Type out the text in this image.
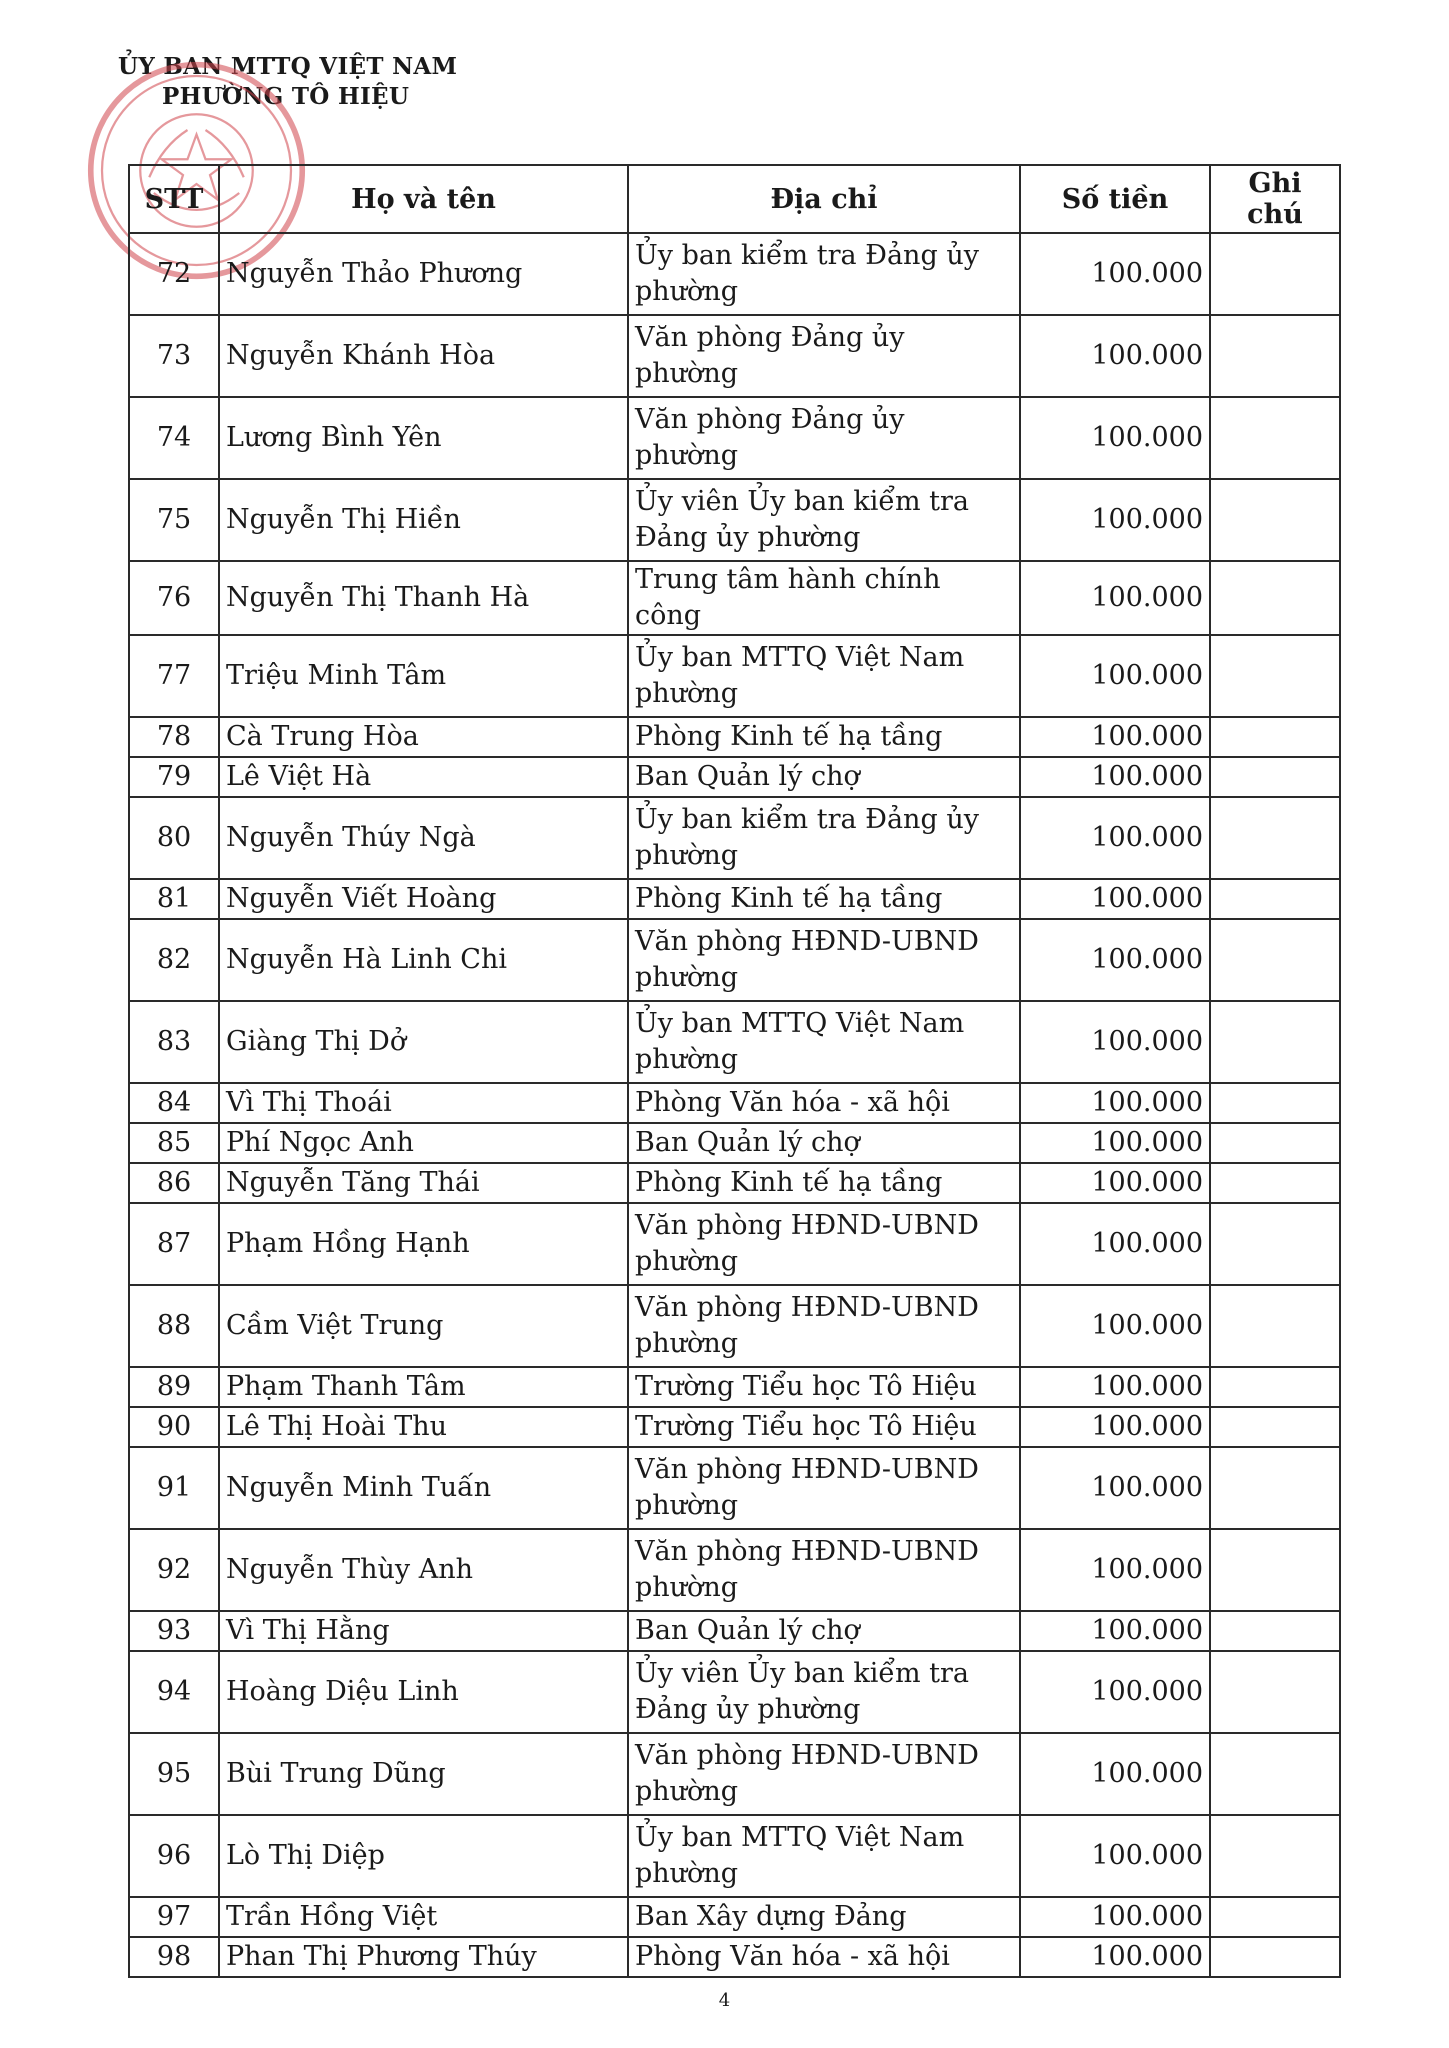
ỦY BAN MTTQ VIỆT NAM
PHƯỜNG TÔ HIỆU
STT	Họ và tên	Địa chỉ	Số tiền	Ghi chú
72	Nguyễn Thảo Phương	Ủy ban kiểm tra Đảng ủy phường	100.000	
73	Nguyễn Khánh Hòa	Văn phòng Đảng ủy phường	100.000	
74	Lương Bình Yên	Văn phòng Đảng ủy phường	100.000	
75	Nguyễn Thị Hiền	Ủy viên Ủy ban kiểm tra Đảng ủy phường	100.000	
76	Nguyễn Thị Thanh Hà	Trung tâm hành chính công	100.000	
77	Triệu Minh Tâm	Ủy ban MTTQ Việt Nam phường	100.000	
78	Cà Trung Hòa	Phòng Kinh tế hạ tầng	100.000	
79	Lê Việt Hà	Ban Quản lý chợ	100.000	
80	Nguyễn Thúy Ngà	Ủy ban kiểm tra Đảng ủy phường	100.000	
81	Nguyễn Viết Hoàng	Phòng Kinh tế hạ tầng	100.000	
82	Nguyễn Hà Linh Chi	Văn phòng HĐND-UBND phường	100.000	
83	Giàng Thị Dở	Ủy ban MTTQ Việt Nam phường	100.000	
84	Vì Thị Thoái	Phòng Văn hóa - xã hội	100.000	
85	Phí Ngọc Anh	Ban Quản lý chợ	100.000	
86	Nguyễn Tăng Thái	Phòng Kinh tế hạ tầng	100.000	
87	Phạm Hồng Hạnh	Văn phòng HĐND-UBND phường	100.000	
88	Cầm Việt Trung	Văn phòng HĐND-UBND phường	100.000	
89	Phạm Thanh Tâm	Trường Tiểu học Tô Hiệu	100.000	
90	Lê Thị Hoài Thu	Trường Tiểu học Tô Hiệu	100.000	
91	Nguyễn Minh Tuấn	Văn phòng HĐND-UBND phường	100.000	
92	Nguyễn Thùy Anh	Văn phòng HĐND-UBND phường	100.000	
93	Vì Thị Hằng	Ban Quản lý chợ	100.000	
94	Hoàng Diệu Linh	Ủy viên Ủy ban kiểm tra Đảng ủy phường	100.000	
95	Bùi Trung Dũng	Văn phòng HĐND-UBND phường	100.000	
96	Lò Thị Diệp	Ủy ban MTTQ Việt Nam phường	100.000	
97	Trần Hồng Việt	Ban Xây dựng Đảng	100.000	
98	Phan Thị Phương Thúy	Phòng Văn hóa - xã hội	100.000	
4
